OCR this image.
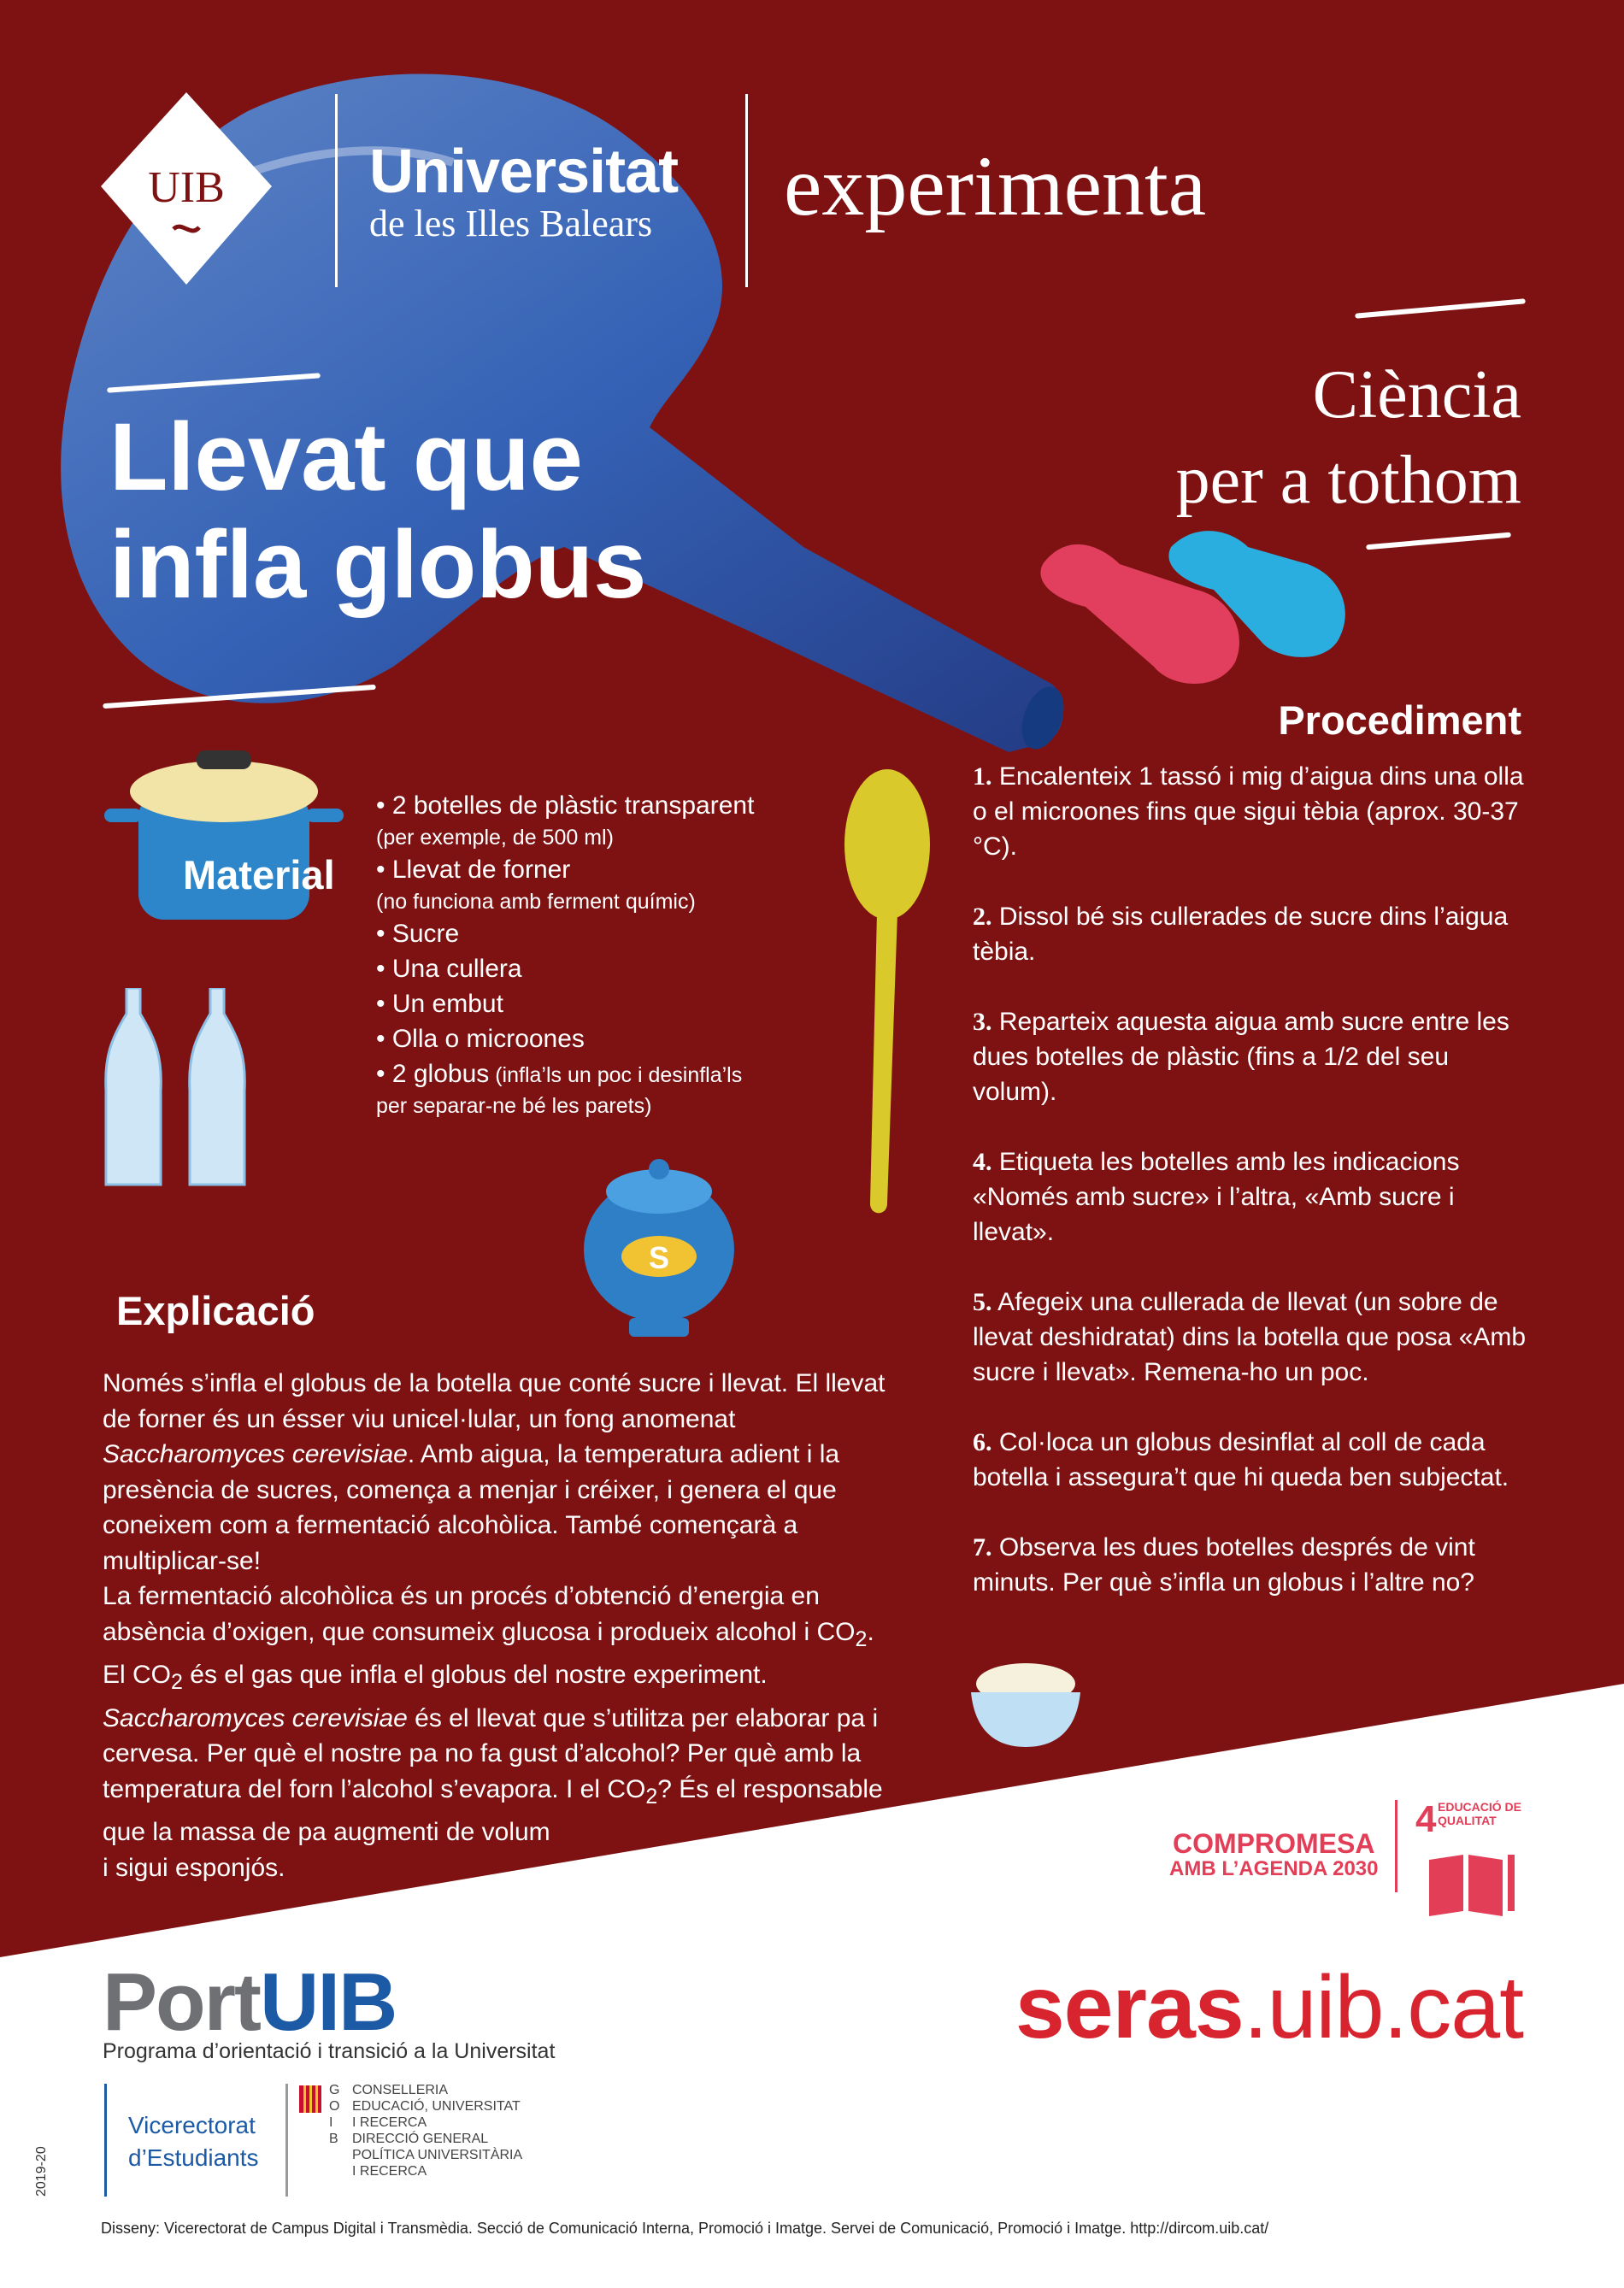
UIB Universitat
de les Illes Balears experimenta
Llevat que
infla globus
Ciència
per a tothom
Material
• 2 botelles de plàstic transparent
(per exemple, de 500 ml)
• Llevat de forner
(no funciona amb ferment químic)
• Sucre
• Una cullera
• Un embut
• Olla o microones
• 2 globus (infla’ls un poc i desinfla’ls
per separar-ne bé les parets)
S
Procediment
1. Encalenteix 1 tassó i mig d’aigua dins una olla o el microones fins que sigui tèbia (aprox. 30-37 °C).
2. Dissol bé sis cullerades de sucre dins l’aigua tèbia.
3. Reparteix aquesta aigua amb sucre entre les dues botelles de plàstic (fins a 1/2 del seu volum).
4. Etiqueta les botelles amb les indicacions «Només amb sucre» i l’altra, «Amb sucre i llevat».
5. Afegeix una cullerada de llevat (un sobre de llevat deshidratat) dins la botella que posa «Amb sucre i llevat». Remena-ho un poc.
6. Col·loca un globus desinflat al coll de cada botella i assegura’t que hi queda ben subjectat.
7. Observa les dues botelles després de vint minuts. Per què s’infla un globus i l’altre no?
Explicació

Només s’infla el globus de la botella que conté sucre i llevat. El llevat de forner és un ésser viu unicel·lular, un fong anomenat Saccharomyces cerevisiae. Amb aigua, la temperatura adient i la presència de sucres, comença a menjar i créixer, i genera el que coneixem com a fermentació alcohòlica. També començarà a multiplicar-se!

La fermentació alcohòlica és un procés d’obtenció d’energia en absència d’oxigen, que consumeix glucosa i produeix alcohol i $CO_2$.

El $CO_2$ és el gas que infla el globus del nostre experiment.

Saccharomyces cerevisiae és el llevat que s’utilitza per elaborar pa i cervesa. Per què el nostre pa no fa gust d’alcohol? Per què amb la temperatura del forn l’alcohol s’evapora. I el $CO_2$? És el responsable que la massa de pa augmenti de volum

i sigui esponjós.

COMPROMESA
AMB L’AGENDA 2030
4 EDUCACIÓ DE QUALITAT
PortUIB
Programa d’orientació i transició a la Universitat	seras.uib.cat
Vicerectorat
d’Estudiants
G
O
I
B
CONSELLERIA
EDUCACIÓ, UNIVERSITAT
I RECERCA
DIRECCIÓ GENERAL
POLÍTICA UNIVERSITÀRIA
I RECERCA
2019-20
Disseny: Vicerectorat de Campus Digital i Transmèdia. Secció de Comunicació Interna, Promoció i Imatge. Servei de Comunicació, Promoció i Imatge. http://dircom.uib.cat/
